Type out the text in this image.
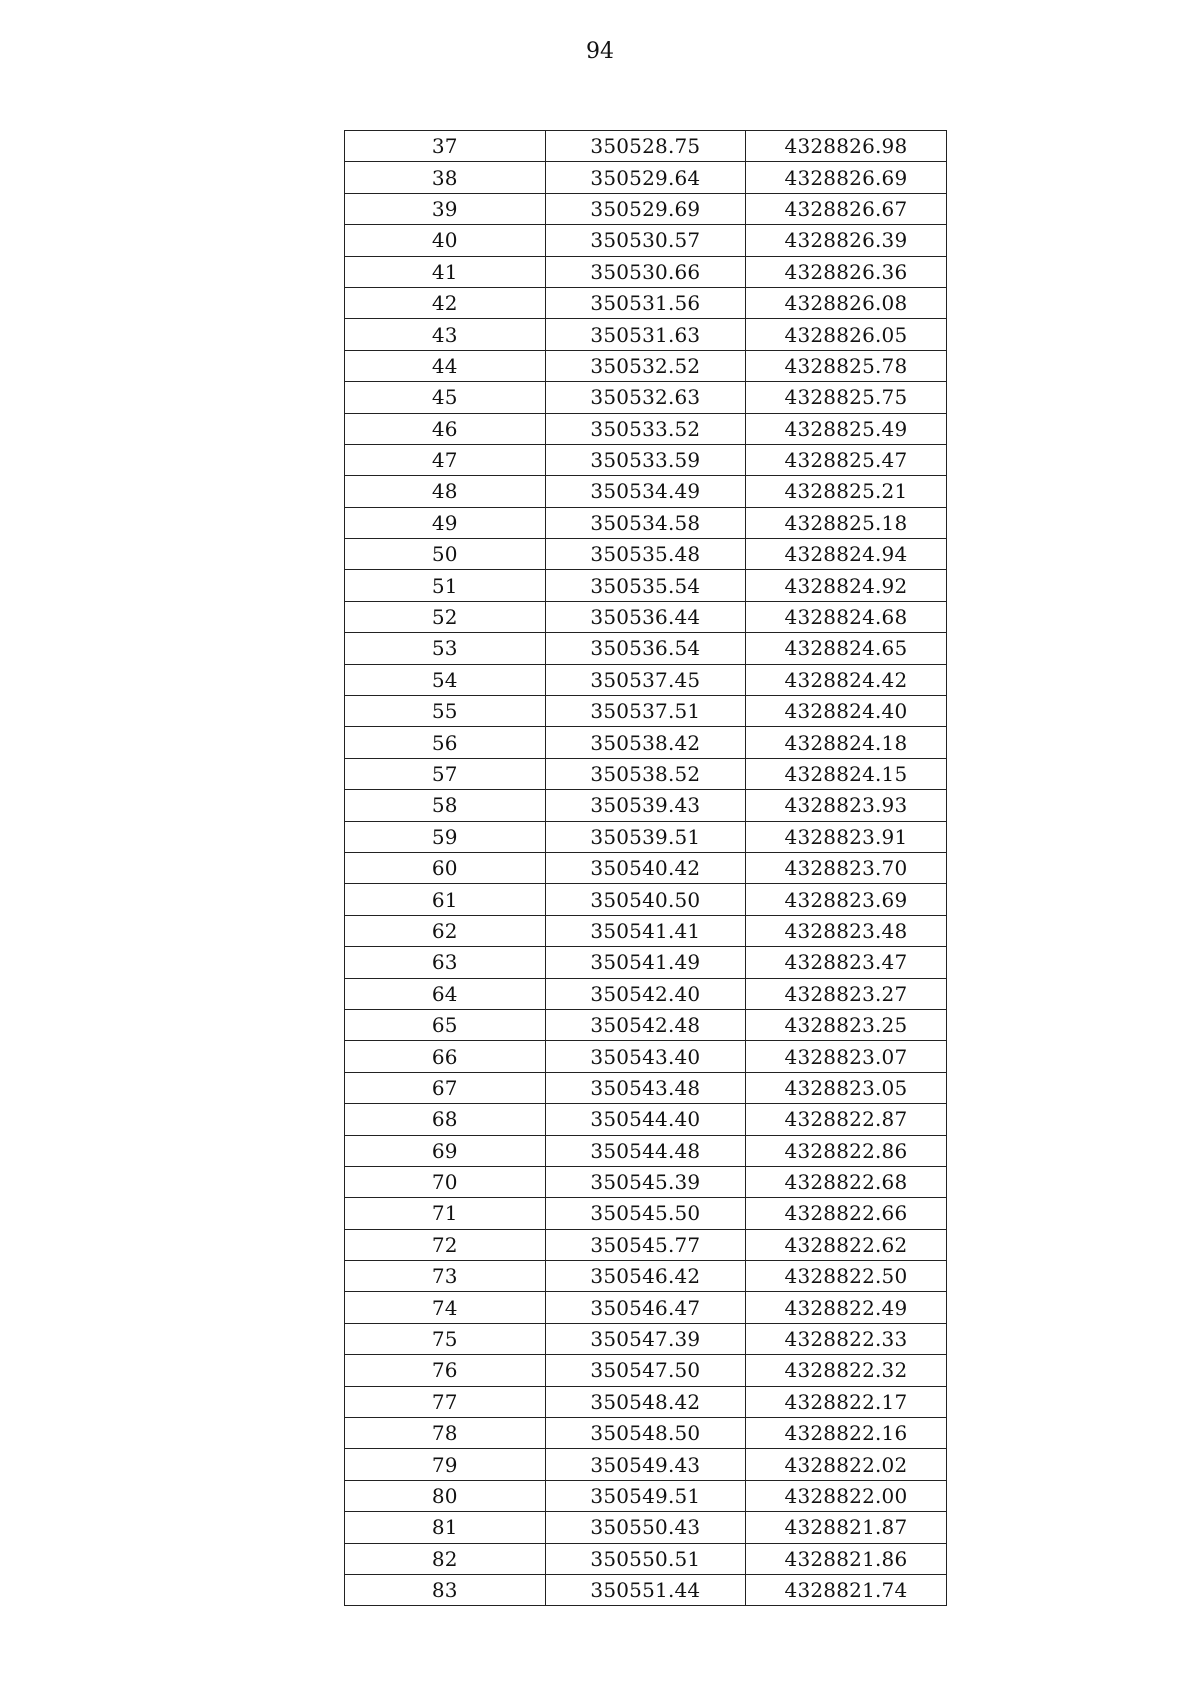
94
37	350528.75	4328826.98
38	350529.64	4328826.69
39	350529.69	4328826.67
40	350530.57	4328826.39
41	350530.66	4328826.36
42	350531.56	4328826.08
43	350531.63	4328826.05
44	350532.52	4328825.78
45	350532.63	4328825.75
46	350533.52	4328825.49
47	350533.59	4328825.47
48	350534.49	4328825.21
49	350534.58	4328825.18
50	350535.48	4328824.94
51	350535.54	4328824.92
52	350536.44	4328824.68
53	350536.54	4328824.65
54	350537.45	4328824.42
55	350537.51	4328824.40
56	350538.42	4328824.18
57	350538.52	4328824.15
58	350539.43	4328823.93
59	350539.51	4328823.91
60	350540.42	4328823.70
61	350540.50	4328823.69
62	350541.41	4328823.48
63	350541.49	4328823.47
64	350542.40	4328823.27
65	350542.48	4328823.25
66	350543.40	4328823.07
67	350543.48	4328823.05
68	350544.40	4328822.87
69	350544.48	4328822.86
70	350545.39	4328822.68
71	350545.50	4328822.66
72	350545.77	4328822.62
73	350546.42	4328822.50
74	350546.47	4328822.49
75	350547.39	4328822.33
76	350547.50	4328822.32
77	350548.42	4328822.17
78	350548.50	4328822.16
79	350549.43	4328822.02
80	350549.51	4328822.00
81	350550.43	4328821.87
82	350550.51	4328821.86
83	350551.44	4328821.74
